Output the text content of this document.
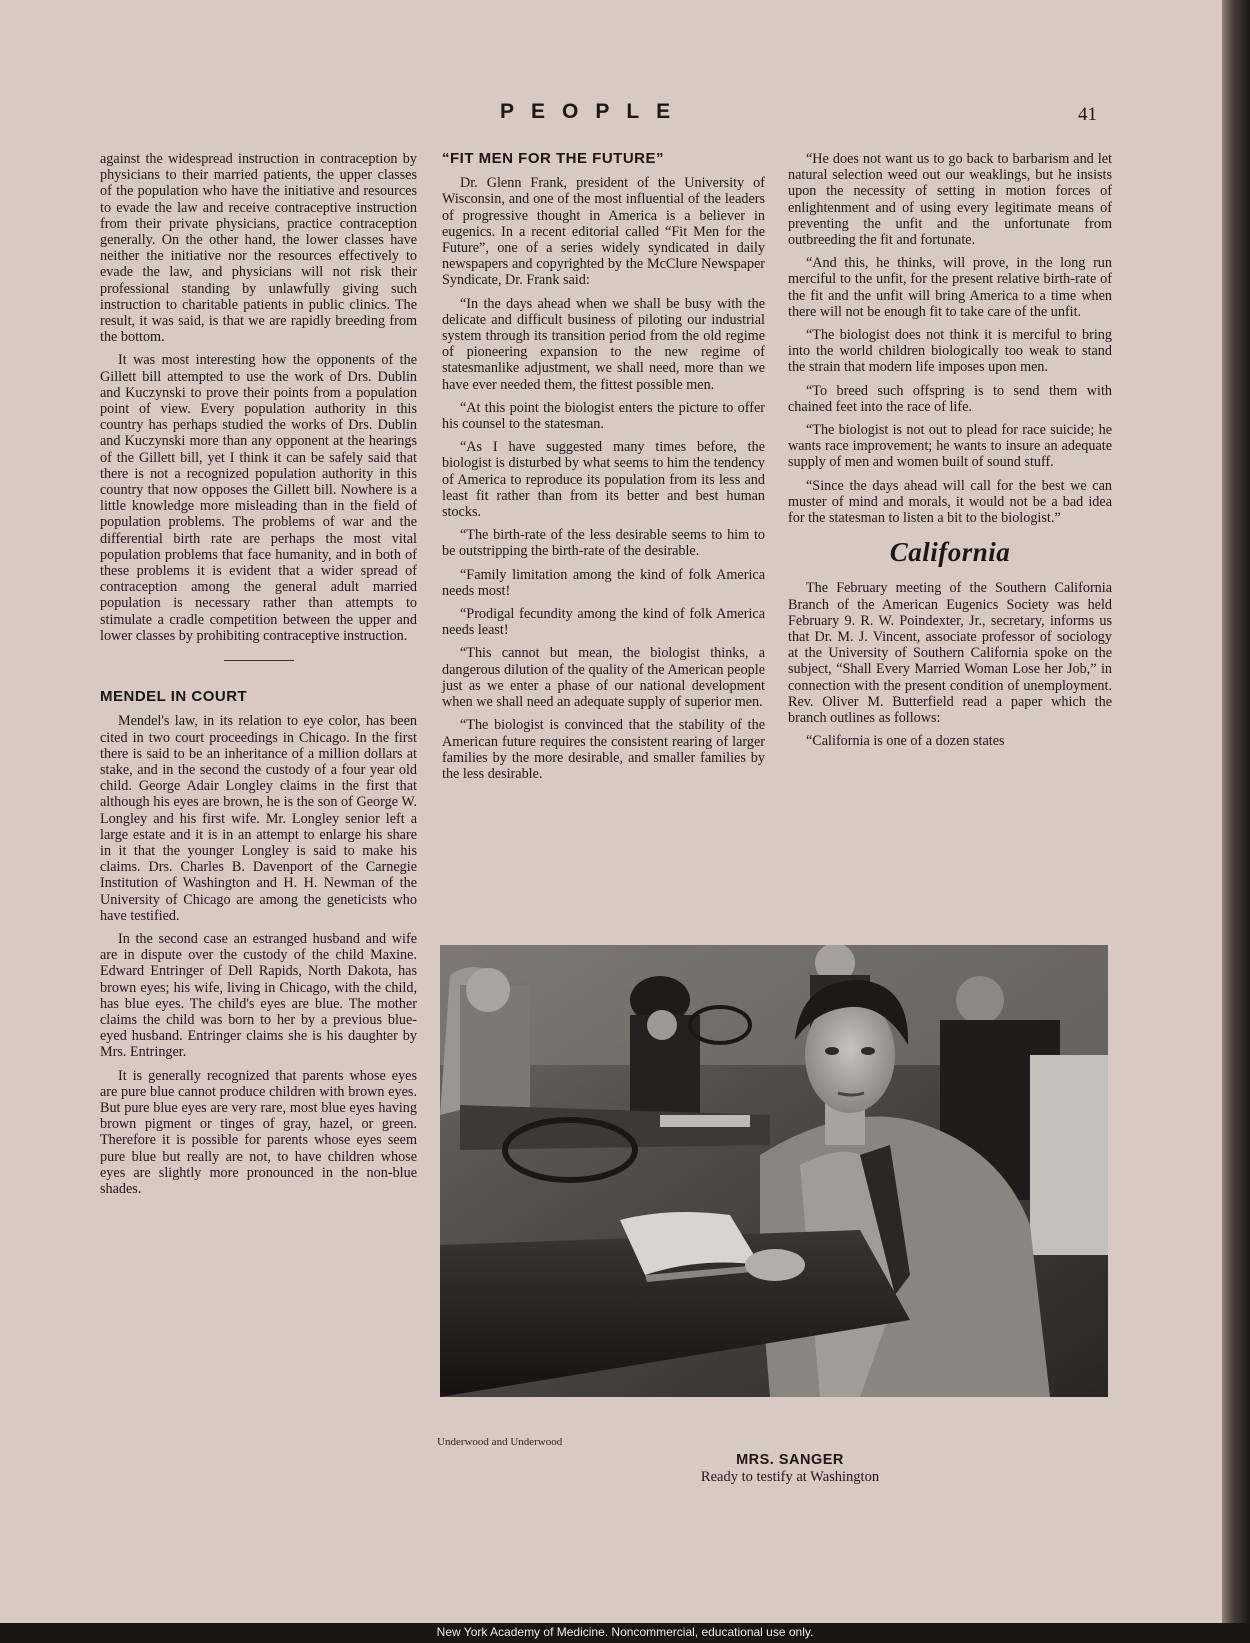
PEOPLE	41

against the widespread instruction in contraception by physicians to their married patients, the upper classes of the population who have the initiative and resources to evade the law and receive contraceptive instruction from their private physicians, practice contraception generally. On the other hand, the lower classes have neither the initiative nor the resources effectively to evade the law, and physicians will not risk their professional standing by unlawfully giving such instruction to charitable patients in public clinics. The result, it was said, is that we are rapidly breeding from the bottom.

It was most interesting how the opponents of the Gillett bill attempted to use the work of Drs. Dublin and Kuczynski to prove their points from a population point of view. Every population authority in this country has perhaps studied the works of Drs. Dublin and Kuczynski more than any opponent at the hearings of the Gillett bill, yet I think it can be safely said that there is not a recognized population authority in this country that now opposes the Gillett bill. Nowhere is a little knowledge more misleading than in the field of population problems. The problems of war and the differential birth rate are perhaps the most vital population problems that face humanity, and in both of these problems it is evident that a wider spread of contraception among the general adult married population is necessary rather than attempts to stimulate a cradle competition between the upper and lower classes by prohibiting contraceptive instruction.

MENDEL IN COURT

Mendel's law, in its relation to eye color, has been cited in two court proceedings in Chicago. In the first there is said to be an inheritance of a million dollars at stake, and in the second the custody of a four year old child. George Adair Longley claims in the first that although his eyes are brown, he is the son of George W. Longley and his first wife. Mr. Longley senior left a large estate and it is in an attempt to enlarge his share in it that the younger Longley is said to make his claims. Drs. Charles B. Davenport of the Carnegie Institution of Washington and H. H. Newman of the University of Chicago are among the geneticists who have testified.

In the second case an estranged husband and wife are in dispute over the custody of the child Maxine. Edward Entringer of Dell Rapids, North Dakota, has brown eyes; his wife, living in Chicago, with the child, has blue eyes. The child's eyes are blue. The mother claims the child was born to her by a previous blue-eyed husband. Entringer claims she is his daughter by Mrs. Entringer.

It is generally recognized that parents whose eyes are pure blue cannot produce children with brown eyes. But pure blue eyes are very rare, most blue eyes having brown pigment or tinges of gray, hazel, or green. Therefore it is possible for parents whose eyes seem pure blue but really are not, to have children whose eyes are slightly more pronounced in the non-blue shades.

“FIT MEN FOR THE FUTURE”

Dr. Glenn Frank, president of the University of Wisconsin, and one of the most influential of the leaders of progressive thought in America is a believer in eugenics. In a recent editorial called “Fit Men for the Future”, one of a series widely syndicated in daily newspapers and copyrighted by the McClure Newspaper Syndicate, Dr. Frank said:

“In the days ahead when we shall be busy with the delicate and difficult business of piloting our industrial system through its transition period from the old regime of pioneering expansion to the new regime of statesmanlike adjustment, we shall need, more than we have ever needed them, the fittest possible men.

“At this point the biologist enters the picture to offer his counsel to the statesman.

“As I have suggested many times before, the biologist is disturbed by what seems to him the tendency of America to reproduce its population from its less and least fit rather than from its better and best human stocks.

“The birth-rate of the less desirable seems to him to be outstripping the birth-rate of the desirable.

“Family limitation among the kind of folk America needs most!

“Prodigal fecundity among the kind of folk America needs least!

“This cannot but mean, the biologist thinks, a dangerous dilution of the quality of the American people just as we enter a phase of our national development when we shall need an adequate supply of superior men.

“The biologist is convinced that the stability of the American future requires the consistent rearing of larger families by the more desirable, and smaller families by the less desirable.

“He does not want us to go back to barbarism and let natural selection weed out our weaklings, but he insists upon the necessity of setting in motion forces of enlightenment and of using every legitimate means of preventing the unfit and the unfortunate from outbreeding the fit and fortunate.

“And this, he thinks, will prove, in the long run merciful to the unfit, for the present relative birth-rate of the fit and the unfit will bring America to a time when there will not be enough fit to take care of the unfit.

“The biologist does not think it is merciful to bring into the world children biologically too weak to stand the strain that modern life imposes upon men.

“To breed such offspring is to send them with chained feet into the race of life.

“The biologist is not out to plead for race suicide; he wants race improvement; he wants to insure an adequate supply of men and women built of sound stuff.

“Since the days ahead will call for the best we can muster of mind and morals, it would not be a bad idea for the statesman to listen a bit to the biologist.”

California

The February meeting of the Southern California Branch of the American Eugenics Society was held February 9. R. W. Poindexter, Jr., secretary, informs us that Dr. M. J. Vincent, associate professor of sociology at the University of Southern California spoke on the subject, “Shall Every Married Woman Lose her Job,” in connection with the present condition of unemployment. Rev. Oliver M. Butterfield read a paper which the branch outlines as follows:

“California is one of a dozen states

Underwood and Underwood
MRS. SANGER
Ready to testify at Washington
New York Academy of Medicine. Noncommercial, educational use only.
